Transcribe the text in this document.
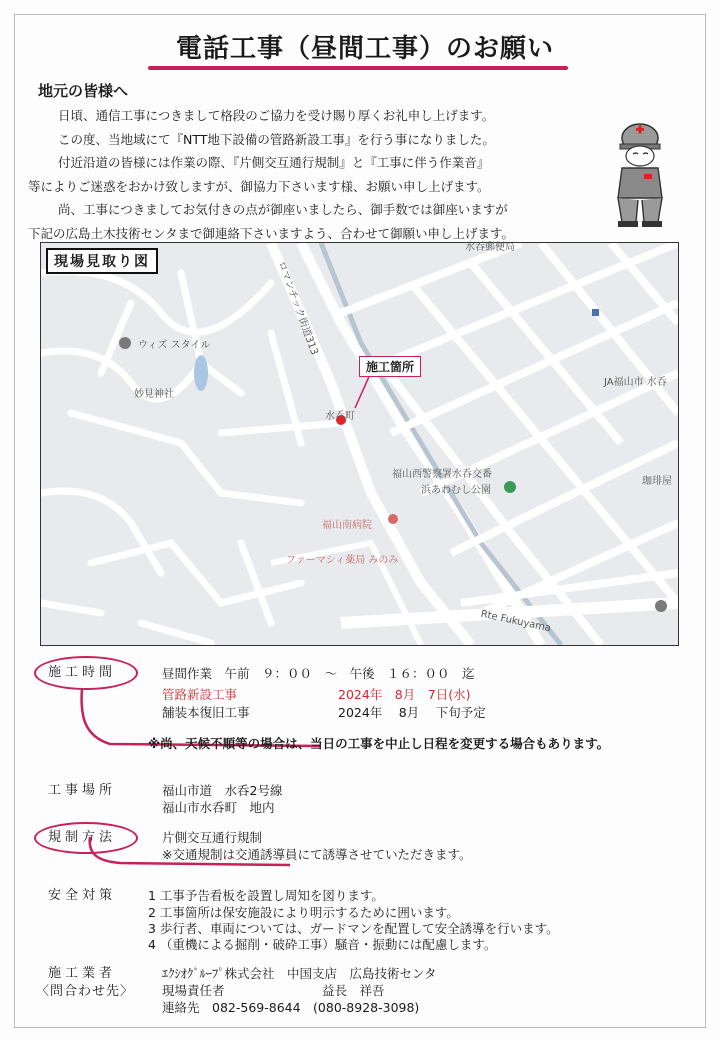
電話工事（昼間工事）のお願い
地元の皆様へ
日頃、通信工事につきまして格段のご協力を受け賜り厚くお礼申し上げます。
この度、当地域にて『NTT地下設備の管路新設工事』を行う事になりました。
付近沿道の皆様には作業の際、『片側交互通行規制』と『工事に伴う作業音』
等によりご迷惑をおかけ致しますが、御協力下さいます様、お願い申し上げます。
尚、工事につきましてお気付きの点が御座いましたら、御手数では御座いますが
下記の広島土木技術センタまで御連絡下さいますよう、合わせて御願い申し上げます。
現場見取り図
施工箇所
ウィズ スタイル
妙見神社
水吞郵便局
JA福山市 水呑
福山西警察署水呑交番
浜あわむし公園
福山南病院
ファーマシィ薬局 みのみ
珈琲屋
水呑町
Rte Fukuyama
ロマンチック街道313
施工時間	昼間作業　午前　９：００　～　午後　１６：００　迄
管路新設工事	2024年　8月　7日(水)
舗装本復旧工事	2024年　 8月　 下旬予定
※尚、天候不順等の場合は、当日の工事を中止し日程を変更する場合もあります。
工事場所	福山市道　水呑2号線
福山市水呑町　地内
規制方法	片側交互通行規制
※交通規制は交通誘導員にて誘導させていただきます。
安全対策	1 工事予告看板を設置し周知を図ります。
2 工事箇所は保安施設により明示するために囲います。
3 歩行者、車両については、ガードマンを配置して安全誘導を行います。
4 （重機による掘削・破砕工事）騒音・振動には配慮します。
施工業者
〈問合わせ先〉
ｴｸｼｵｸﾞﾙｰﾌﾟ株式会社　中国支店　広島技術センタ
現場責任者	益長　祥吾
連絡先　082-569-8644　(080-8928-3098)
